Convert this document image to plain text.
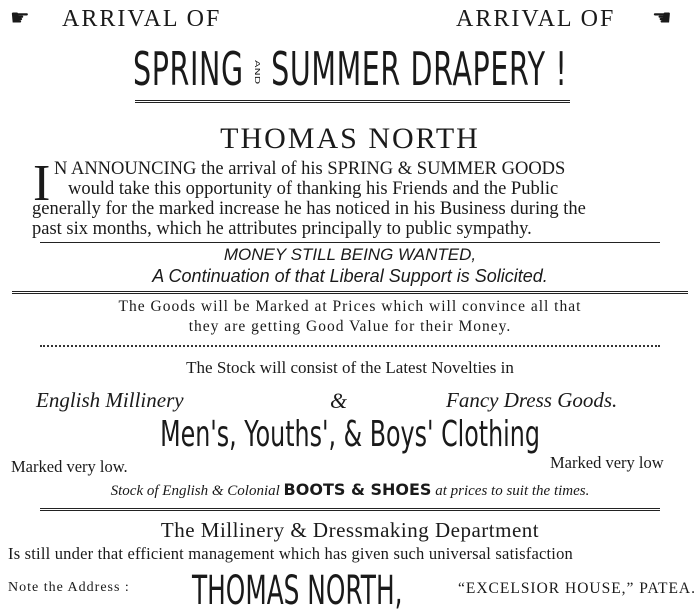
☛ ARRIVAL OF	ARRIVAL OF ☚
SPRING AND SUMMER DRAPERY !
THOMAS NORTH
I N ANNOUNCING the arrival of his SPRING & SUMMER GOODS
would take this opportunity of thanking his Friends and the Public
generally for the marked increase he has noticed in his Business during the
past six months, which he attributes principally to public sympathy.
MONEY STILL BEING WANTED,
A Continuation of that Liberal Support is Solicited.
The Goods will be Marked at Prices which will convince all that
they are getting Good Value for their Money.
The Stock will consist of the Latest Novelties in
English Millinery	&	Fancy Dress Goods.
Men's, Youths', & Boys' Clothing
Marked very low.	Marked very low
Stock of English & Colonial BOOTS & SHOES at prices to suit the times.
The Millinery & Dressmaking Department
Is still under that efficient management which has given such universal satisfaction
Note the Address : THOMAS NORTH,	“EXCELSIOR HOUSE,” PATEA.
